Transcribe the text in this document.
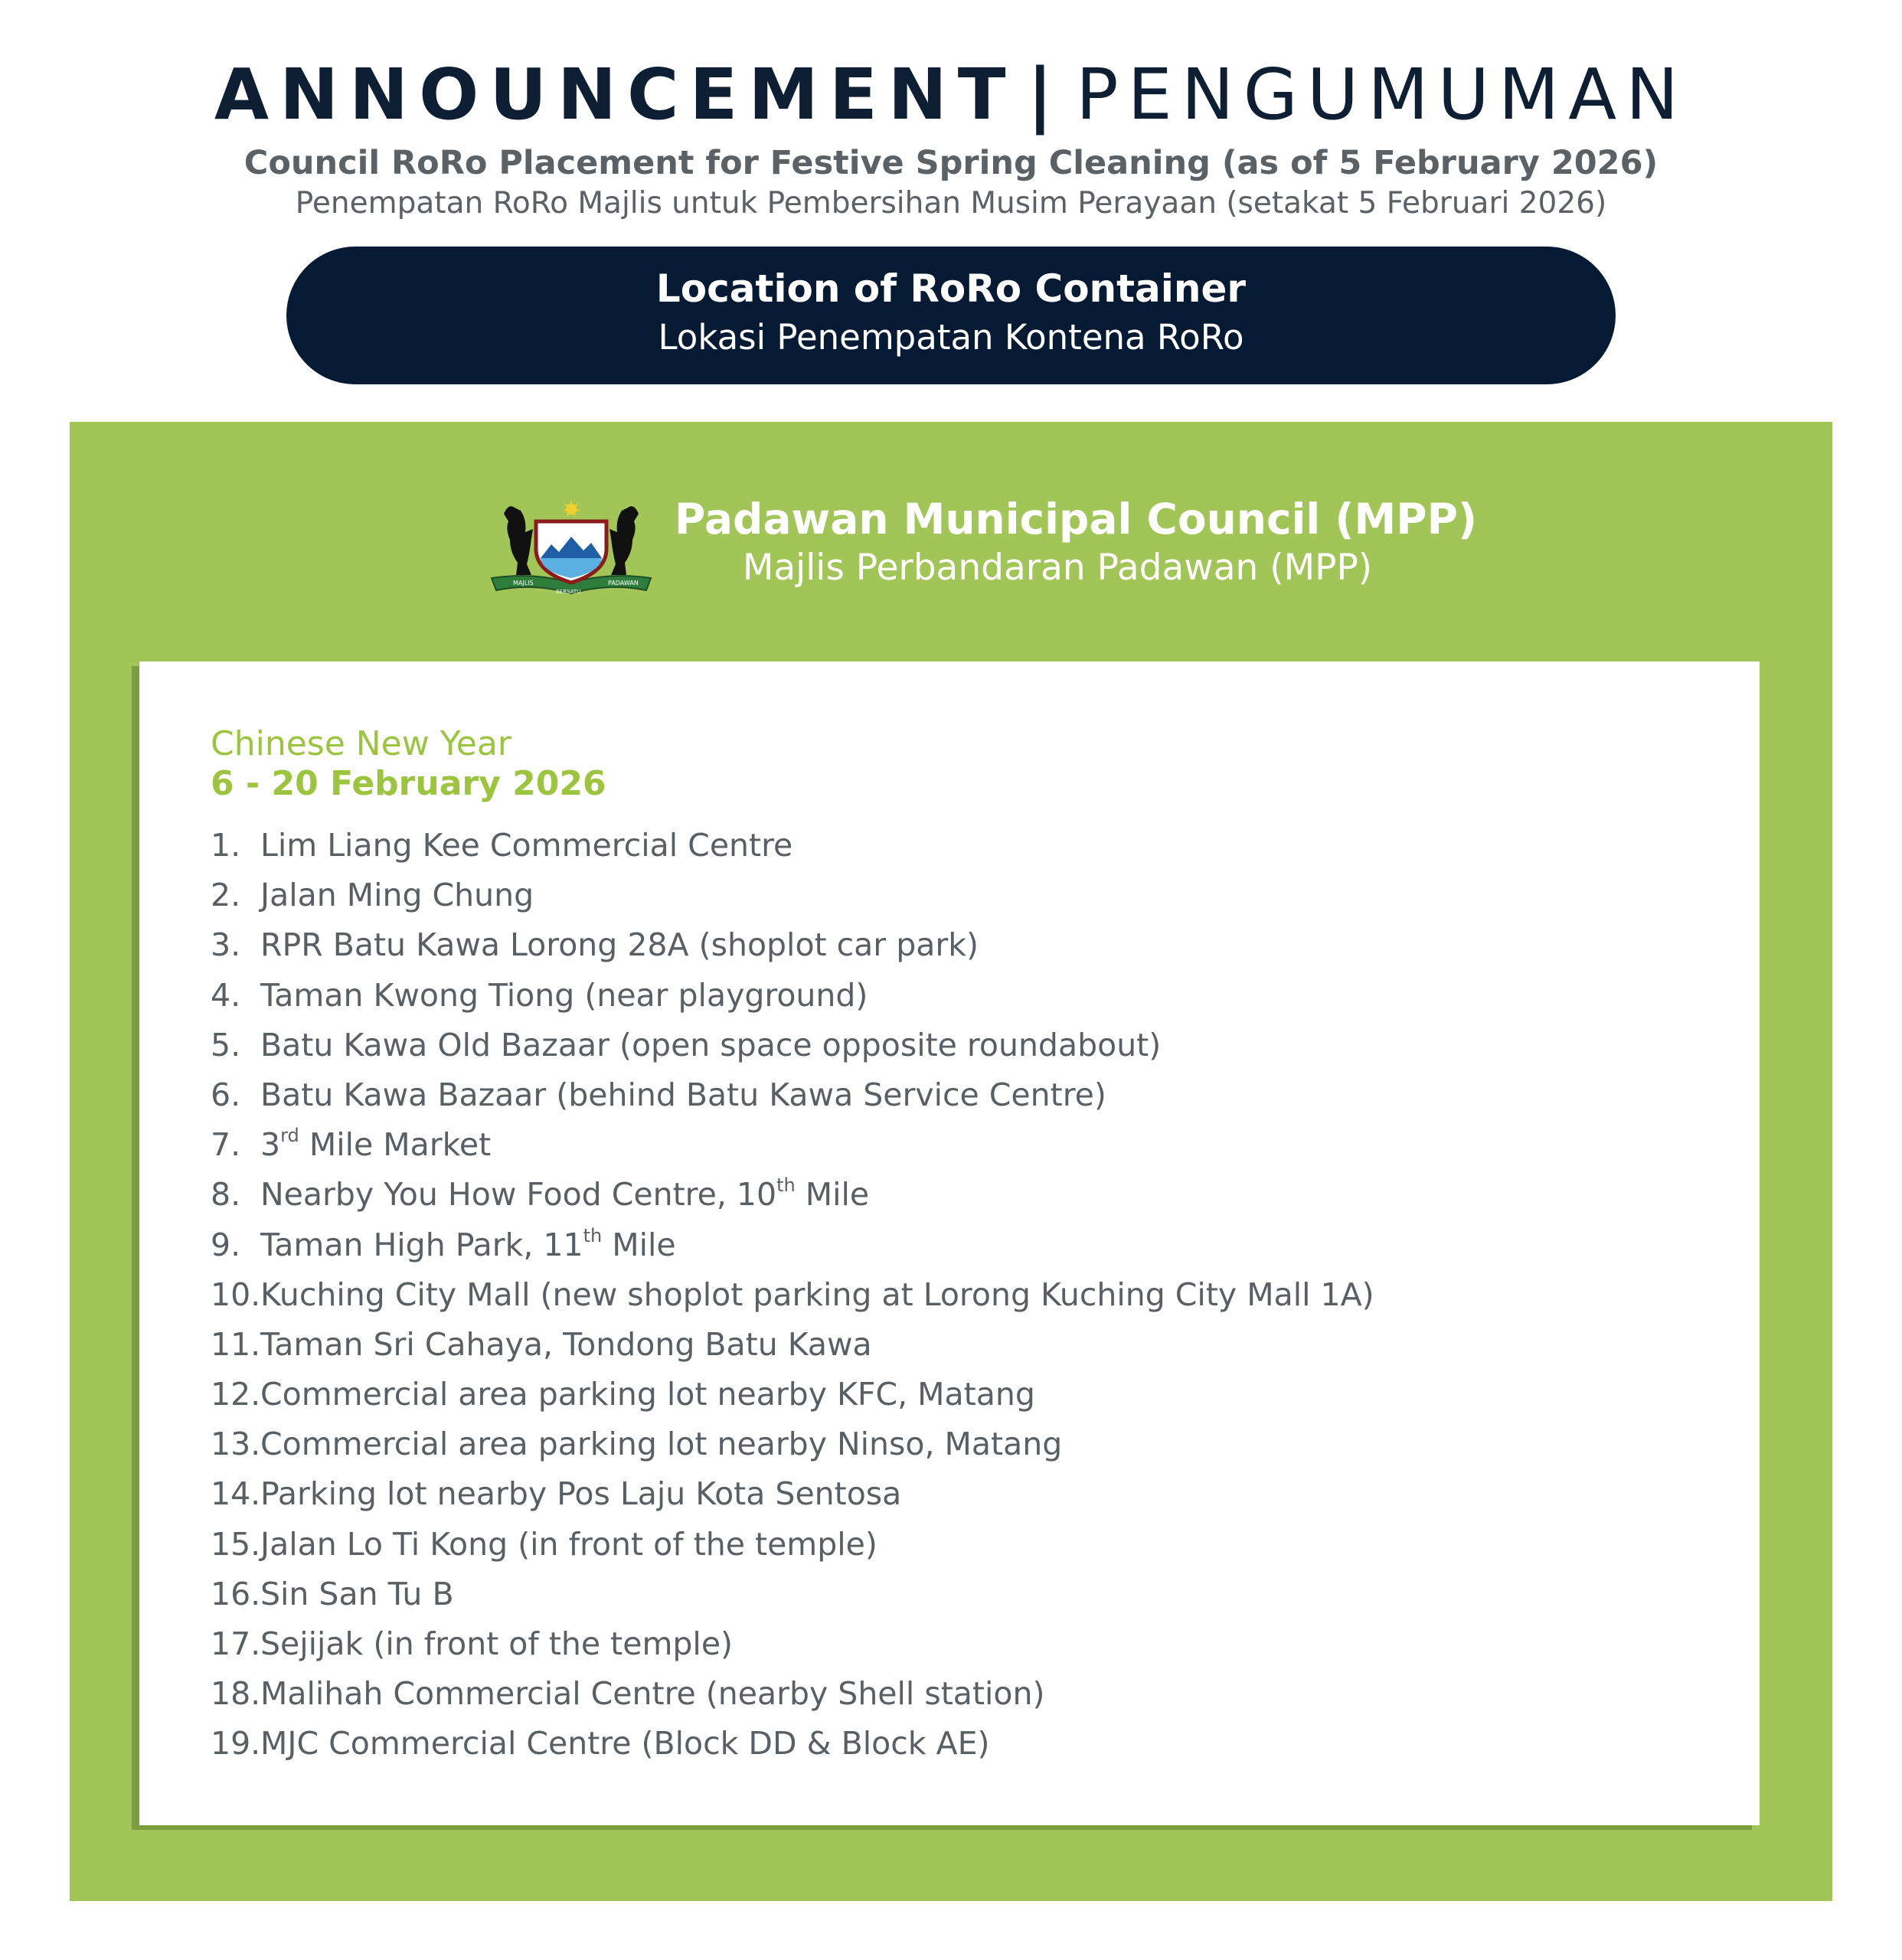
ANNOUNCEMENT | PENGUMUMAN
Council RoRo Placement for Festive Spring Cleaning (as of 5 February 2026)
Penempatan RoRo Majlis untuk Pembersihan Musim Perayaan (setakat 5 Februari 2026)
Location of RoRo Container
Lokasi Penempatan Kontena RoRo
MAJLIS	PADAWAN
BERSATU
Padawan Municipal Council (MPP)
Majlis Perbandaran Padawan (MPP)
Chinese New Year
6 - 20 February 2026
1. Lim Liang Kee Commercial Centre
2. Jalan Ming Chung
3. RPR Batu Kawa Lorong 28A (shoplot car park)
4. Taman Kwong Tiong (near playground)
5. Batu Kawa Old Bazaar (open space opposite roundabout)
6. Batu Kawa Bazaar (behind Batu Kawa Service Centre)
7. 3rd Mile Market
8. Nearby You How Food Centre, 10th Mile
9. Taman High Park, 11th Mile
10.Kuching City Mall (new shoplot parking at Lorong Kuching City Mall 1A)
11.Taman Sri Cahaya, Tondong Batu Kawa
12.Commercial area parking lot nearby KFC, Matang
13.Commercial area parking lot nearby Ninso, Matang
14.Parking lot nearby Pos Laju Kota Sentosa
15.Jalan Lo Ti Kong (in front of the temple)
16.Sin San Tu B
17.Sejijak (in front of the temple)
18.Malihah Commercial Centre (nearby Shell station)
19.MJC Commercial Centre (Block DD & Block AE)
